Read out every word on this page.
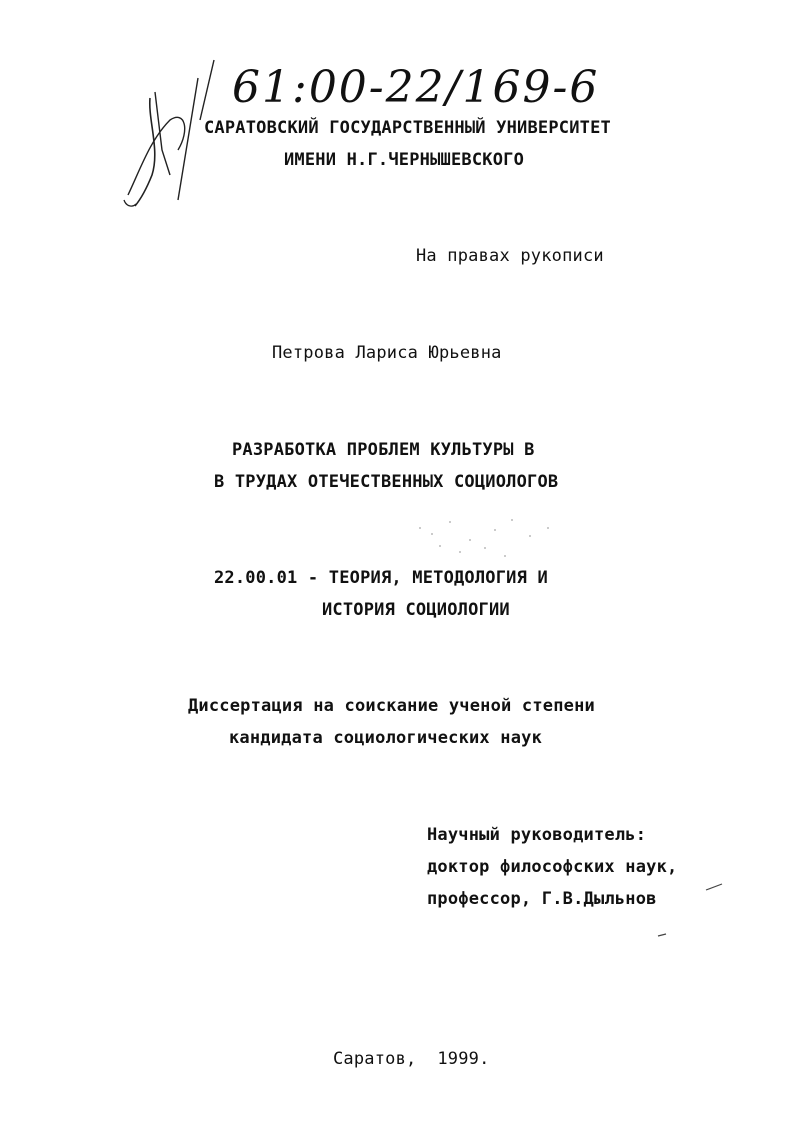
61:00-22/169-6
САРАТОВСКИЙ ГОСУДАРСТВЕННЫЙ УНИВЕРСИТЕТ
ИМЕНИ Н.Г.ЧЕРНЫШЕВСКОГО
На правах рукописи
Петрова Лариса Юрьевна
РАЗРАБОТКА ПРОБЛЕМ КУЛЬТУРЫ В
В ТРУДАХ ОТЕЧЕСТВЕННЫХ СОЦИОЛОГОВ
22.00.01 - ТЕОРИЯ, МЕТОДОЛОГИЯ И
ИСТОРИЯ СОЦИОЛОГИИ
Диссертация на соискание ученой степени
кандидата социологических наук
Научный руководитель:
доктор философских наук,
профессор, Г.В.Дыльнов
Саратов,  1999.
